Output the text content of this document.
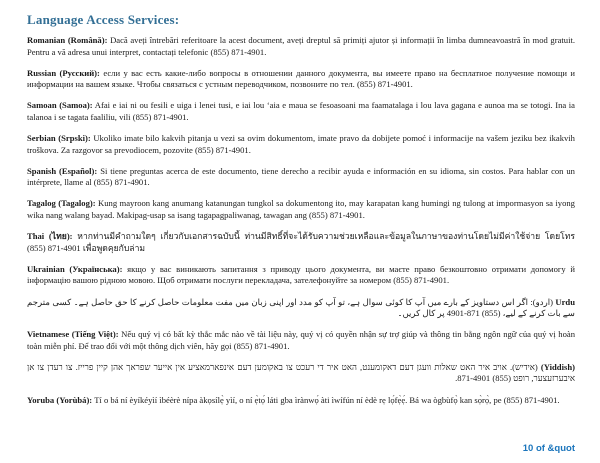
Language Access Services:

Romanian (Română): Dacă aveți întrebări referitoare la acest document, aveți dreptul să primiți ajutor și informații în limba dumneavoastră în mod gratuit. Pentru a vă adresa unui interpret, contactați telefonic (855) 871-4901.

Russian (Русский): если у вас есть какие-либо вопросы в отношении данного документа, вы имеете право на бесплатное получение помощи и информации на вашем языке. Чтобы связаться с устным переводчиком, позвоните по тел. (855) 871-4901.

Samoan (Samoa): Afai e iai ni ou fesili e uiga i lenei tusi, e iai lou ‘aia e maua se fesoasoani ma faamatalaga i lou lava gagana e aunoa ma se totogi. Ina ia talanoa i se tagata faaliliu, vili (855) 871-4901.

Serbian (Srpski): Ukoliko imate bilo kakvih pitanja u vezi sa ovim dokumentom, imate pravo da dobijete pomoć i informacije na vašem jeziku bez ikakvih troškova. Za razgovor sa prevodiocem, pozovite (855) 871-4901.

Spanish (Español): Si tiene preguntas acerca de este documento, tiene derecho a recibir ayuda e información en su idioma, sin costos. Para hablar con un intérprete, llame al (855) 871-4901.

Tagalog (Tagalog): Kung mayroon kang anumang katanungan tungkol sa dokumentong ito, may karapatan kang humingi ng tulong at impormasyon sa iyong wika nang walang bayad. Makipag-usap sa isang tagapagpaliwanag, tawagan ang (855) 871-4901.

Thai (ไทย): หากท่านมีคำถามใดๆ เกี่ยวกับเอกสารฉบับนี้ ท่านมีสิทธิ์ที่จะได้รับความช่วยเหลือและข้อมูลในภาษาของท่านโดยไม่มีค่าใช้จ่าย โดยโทร (855) 871-4901 เพื่อพูดคุยกับล่าม

Ukrainian (Українська): якщо у вас виникають запитання з приводу цього документа, ви маєте право безкоштовно отримати допомогу й інформацію вашою рідною мовою. Щоб отримати послуги перекладача, зателефонуйте за номером (855) 871-4901.

Urdu (اردو): اگر اس دستاویز کے بارے میں آپ کا کوئی سوال ہے، تو آپ کو مدد اور اپنی زبان میں مفت معلومات حاصل کرنے کا حق حاصل ہے۔ کسی مترجم سے بات کرنے کے لیے، (855) 871-4901 پر کال کریں۔

Vietnamese (Tiếng Việt): Nếu quý vị có bất kỳ thắc mắc nào về tài liệu này, quý vị có quyền nhận sự trợ giúp và thông tin bằng ngôn ngữ của quý vị hoàn toàn miễn phí. Để trao đổi với một thông dịch viên, hãy gọi (855) 871-4901.

(Yiddish) (אידיש). אויב איר האט שאלות וועגן דעם דאקומענט, האט איר די רעכט צו באקומען דעם אינפארמאציע אין אייער שפראך אהן קיין פרייז. צו רעדן צו אן איבערזעצער, רופט (855) 871-4901.

Yoruba (Yorùbá): Tí o bá ní èyíkéyìí ìbéèrè nípa àkọsílẹ̀ yìí, o ní ẹ̀tọ́ láti gba ìrànwọ́ àti ìwífún ní èdè rẹ lọ́fẹ̀ẹ́. Bá wa ògbùfọ̀ kan sọ̀rọ̀, pe (855) 871-4901.

10 of &quot
